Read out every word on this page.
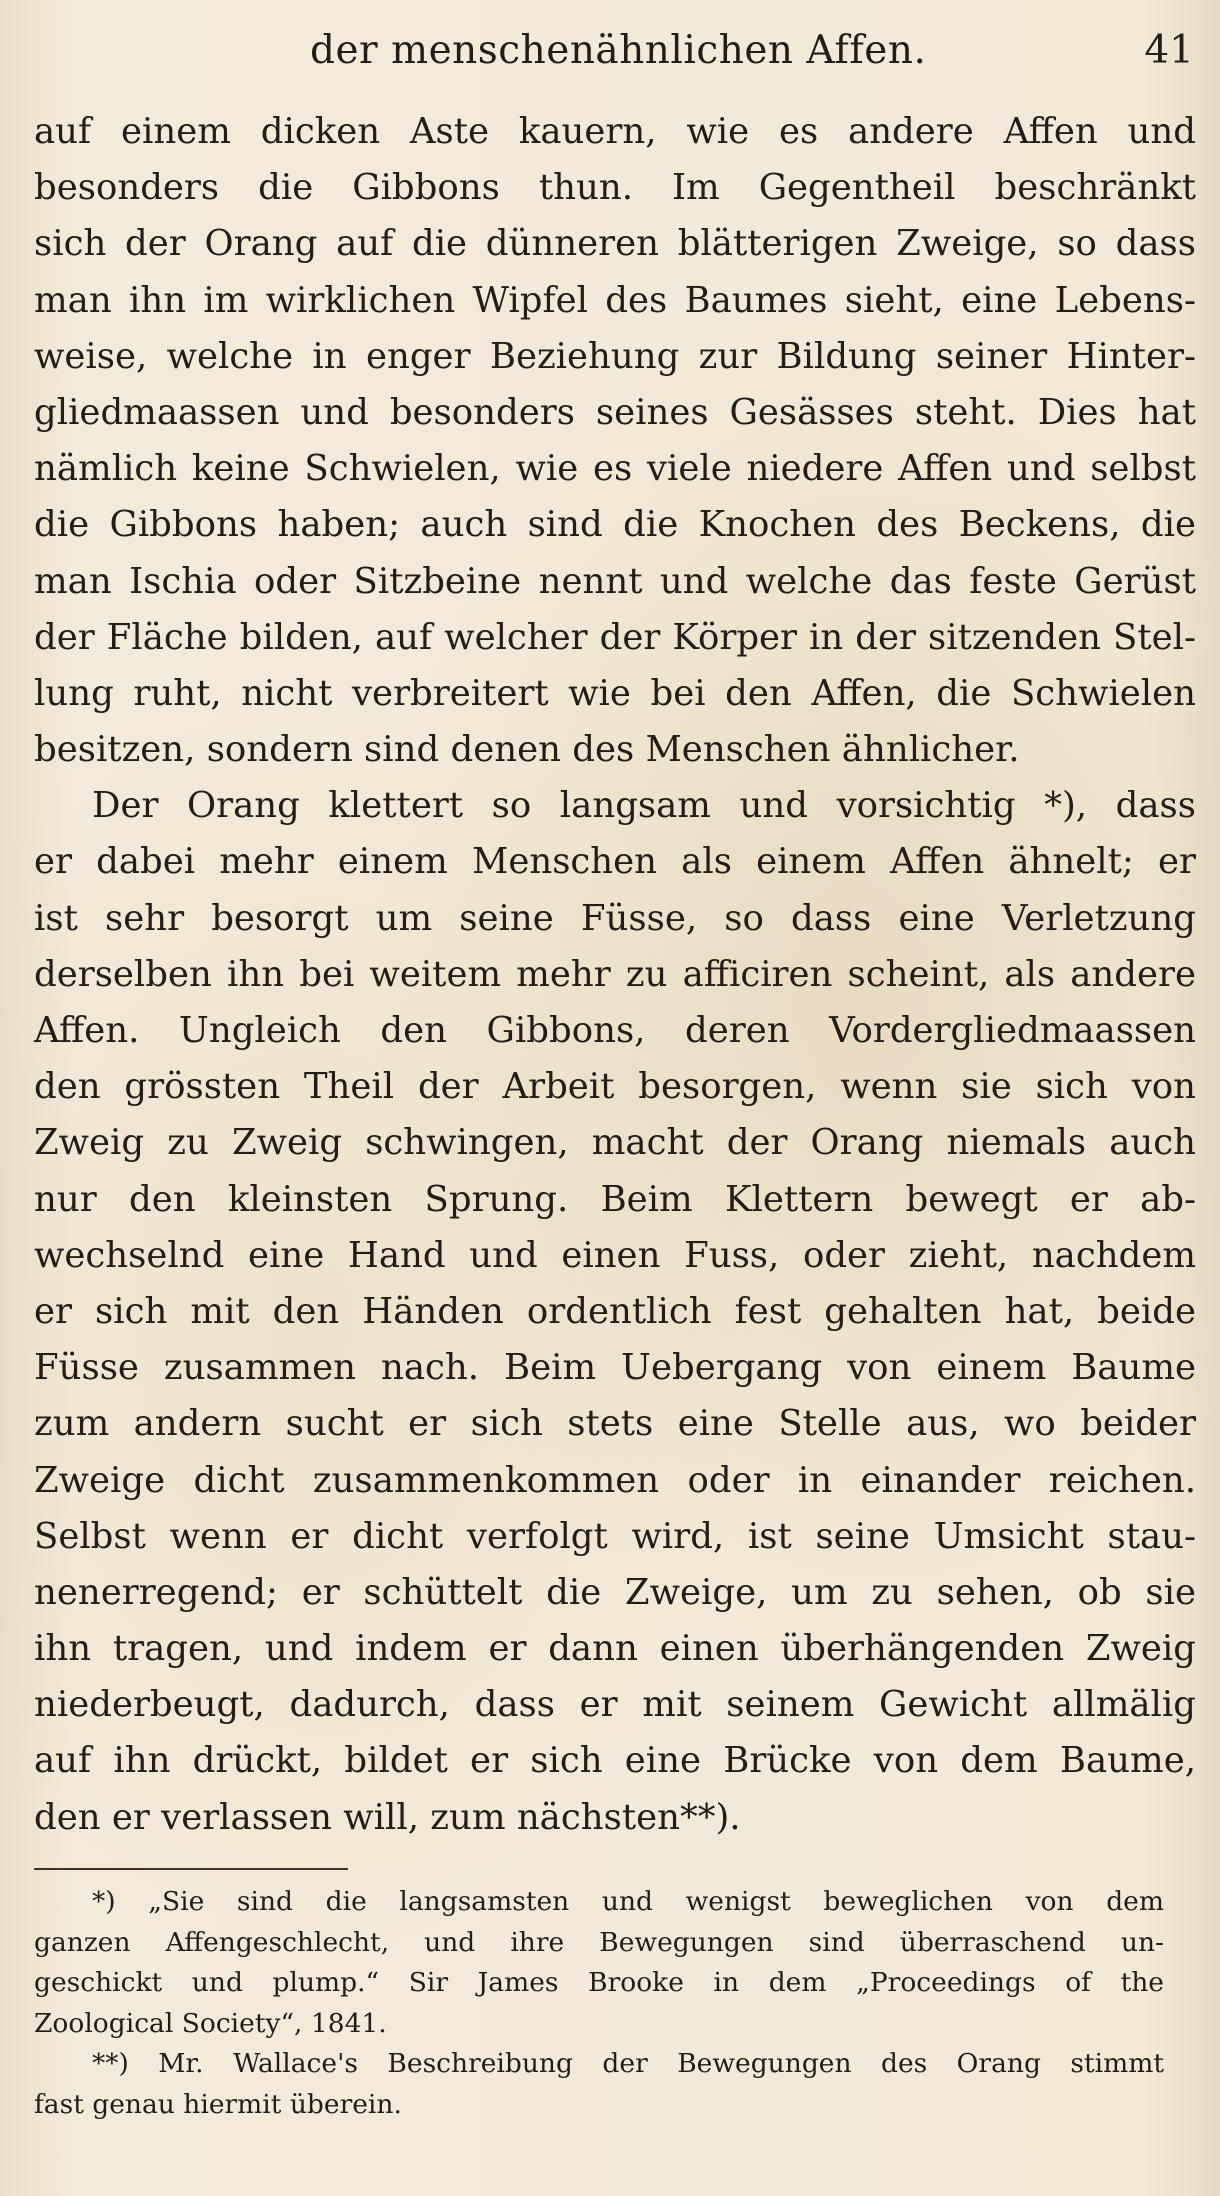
der menschenähnlichen Affen.	41
auf einem dicken Aste kauern, wie es andere Affen und
besonders die Gibbons thun. Im Gegentheil beschränkt
sich der Orang auf die dünneren blätterigen Zweige, so dass
man ihn im wirklichen Wipfel des Baumes sieht, eine Lebens-
weise, welche in enger Beziehung zur Bildung seiner Hinter-
gliedmaassen und besonders seines Gesässes steht. Dies hat
nämlich keine Schwielen, wie es viele niedere Affen und selbst
die Gibbons haben; auch sind die Knochen des Beckens, die
man Ischia oder Sitzbeine nennt und welche das feste Gerüst
der Fläche bilden, auf welcher der Körper in der sitzenden Stel-
lung ruht, nicht verbreitert wie bei den Affen, die Schwielen
besitzen, sondern sind denen des Menschen ähnlicher.
Der Orang klettert so langsam und vorsichtig *), dass
er dabei mehr einem Menschen als einem Affen ähnelt; er
ist sehr besorgt um seine Füsse, so dass eine Verletzung
derselben ihn bei weitem mehr zu afficiren scheint, als andere
Affen. Ungleich den Gibbons, deren Vordergliedmaassen
den grössten Theil der Arbeit besorgen, wenn sie sich von
Zweig zu Zweig schwingen, macht der Orang niemals auch
nur den kleinsten Sprung. Beim Klettern bewegt er ab-
wechselnd eine Hand und einen Fuss, oder zieht, nachdem
er sich mit den Händen ordentlich fest gehalten hat, beide
Füsse zusammen nach. Beim Uebergang von einem Baume
zum andern sucht er sich stets eine Stelle aus, wo beider
Zweige dicht zusammenkommen oder in einander reichen.
Selbst wenn er dicht verfolgt wird, ist seine Umsicht stau-
nenerregend; er schüttelt die Zweige, um zu sehen, ob sie
ihn tragen, und indem er dann einen überhängenden Zweig
niederbeugt, dadurch, dass er mit seinem Gewicht allmälig
auf ihn drückt, bildet er sich eine Brücke von dem Baume,
den er verlassen will, zum nächsten**).
*) „Sie sind die langsamsten und wenigst beweglichen von dem
ganzen Affengeschlecht, und ihre Bewegungen sind überraschend un-
geschickt und plump.“ Sir James Brooke in dem „Proceedings of the
Zoological Society“, 1841.
**) Mr. Wallace's Beschreibung der Bewegungen des Orang stimmt
fast genau hiermit überein.
